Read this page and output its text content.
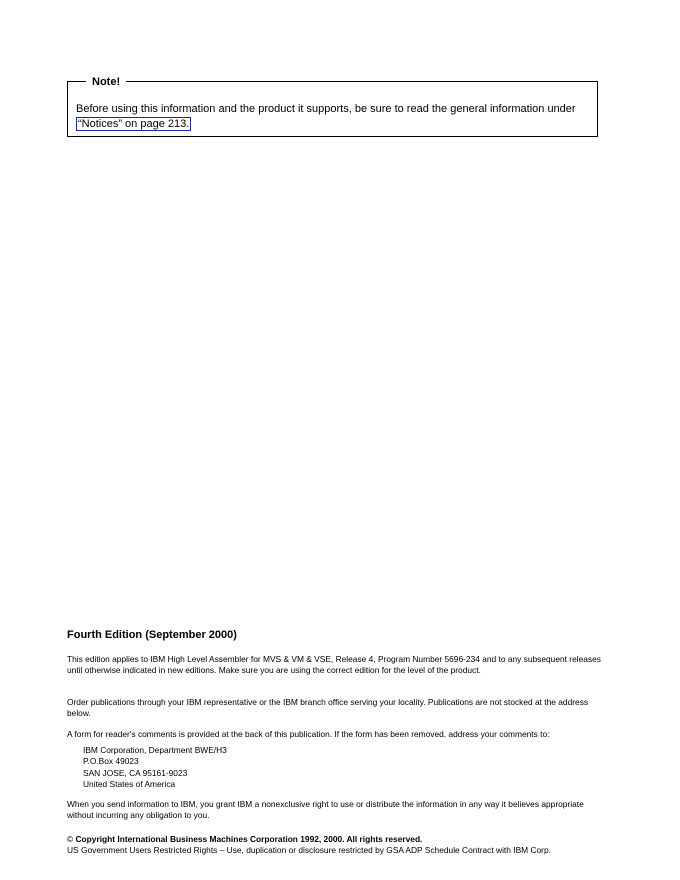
Note!
Before using this information and the product it supports, be sure to read the general information under “Notices” on page 213.
Fourth Edition (September 2000)
This edition applies to IBM High Level Assembler for MVS & VM & VSE, Release 4, Program Number 5696-234 and to any subsequent releases until otherwise indicated in new editions. Make sure you are using the correct edition for the level of the product.
Order publications through your IBM representative or the IBM branch office serving your locality. Publications are not stocked at the address below.
A form for reader's comments is provided at the back of this publication. If the form has been removed, address your comments to:
IBM Corporation, Department BWE/H3
P.O.Box 49023
SAN JOSE, CA 95161-9023
United States of America
When you send information to IBM, you grant IBM a nonexclusive right to use or distribute the information in any way it believes appropriate without incurring any obligation to you.
© Copyright International Business Machines Corporation 1992, 2000. All rights reserved.
US Government Users Restricted Rights – Use, duplication or disclosure restricted by GSA ADP Schedule Contract with IBM Corp.
